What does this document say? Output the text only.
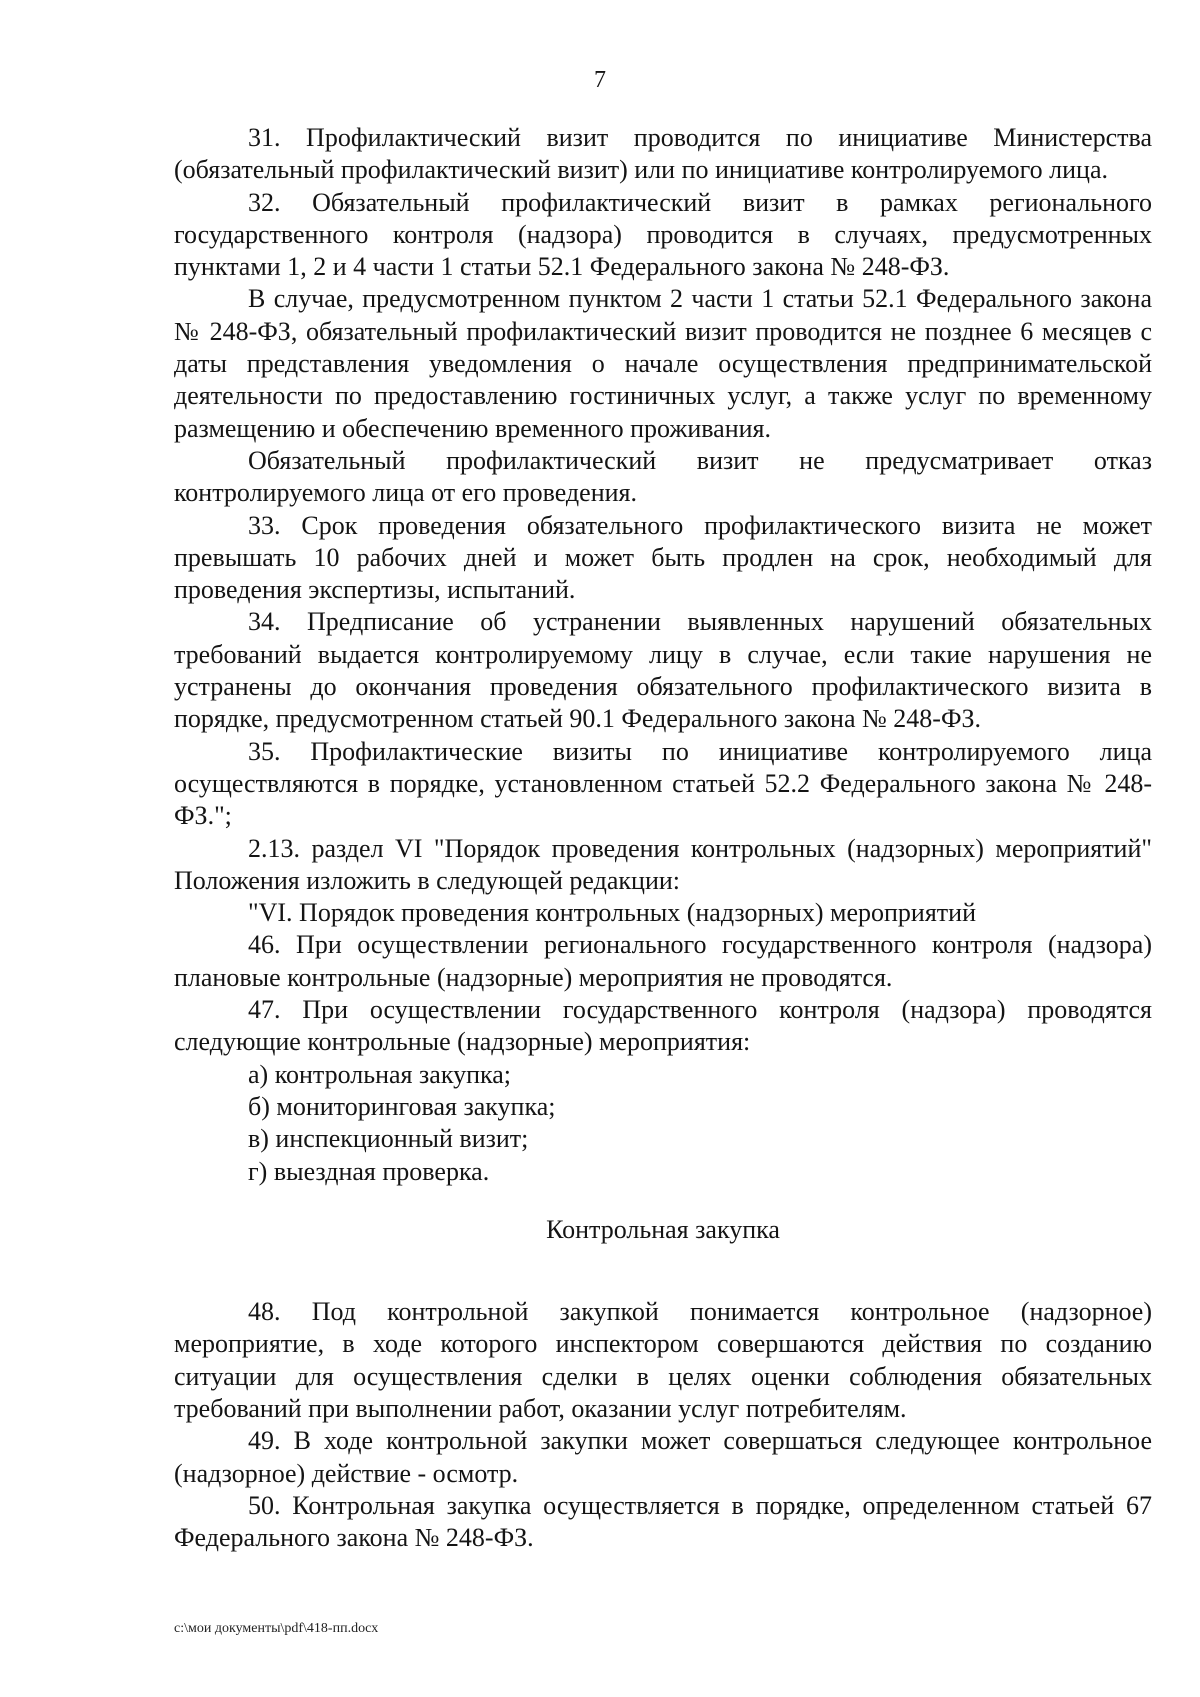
7

31. Профилактический визит проводится по инициативе Министерства (обязательный профилактический визит) или по инициативе контролируемого лица.

32. Обязательный профилактический визит в рамках регионального государственного контроля (надзора) проводится в случаях, предусмотренных пунктами 1, 2 и 4 части 1 статьи 52.1 Федерального закона № 248-ФЗ.

В случае, предусмотренном пунктом 2 части 1 статьи 52.1 Федерального закона № 248-ФЗ, обязательный профилактический визит проводится не позднее 6 месяцев с даты представления уведомления о начале осуществления предпринимательской деятельности по предоставлению гостиничных услуг, а также услуг по временному размещению и обеспечению временного проживания.

Обязательный профилактический визит не предусматривает отказ контролируемого лица от его проведения.

33. Срок проведения обязательного профилактического визита не может превышать 10 рабочих дней и может быть продлен на срок, необходимый для проведения экспертизы, испытаний.

34. Предписание об устранении выявленных нарушений обязательных требований выдается контролируемому лицу в случае, если такие нарушения не устранены до окончания проведения обязательного профилактического визита в порядке, предусмотренном статьей 90.1 Федерального закона № 248-ФЗ.

35. Профилактические визиты по инициативе контролируемого лица осуществляются в порядке, установленном статьей 52.2 Федерального закона № 248-ФЗ.";

2.13. раздел VI "Порядок проведения контрольных (надзорных) мероприятий" Положения изложить в следующей редакции:

"VI. Порядок проведения контрольных (надзорных) мероприятий

46. При осуществлении регионального государственного контроля (надзора) плановые контрольные (надзорные) мероприятия не проводятся.

47. При осуществлении государственного контроля (надзора) проводятся следующие контрольные (надзорные) мероприятия:

а) контрольная закупка;

б) мониторинговая закупка;

в) инспекционный визит;

г) выездная проверка.

Контрольная закупка

48. Под контрольной закупкой понимается контрольное (надзорное) мероприятие, в ходе которого инспектором совершаются действия по созданию ситуации для осуществления сделки в целях оценки соблюдения обязательных требований при выполнении работ, оказании услуг потребителям.

49. В ходе контрольной закупки может совершаться следующее контрольное (надзорное) действие - осмотр.

50. Контрольная закупка осуществляется в порядке, определенном статьей 67 Федерального закона № 248-ФЗ.

c:\мои документы\pdf\418-пп.docx
